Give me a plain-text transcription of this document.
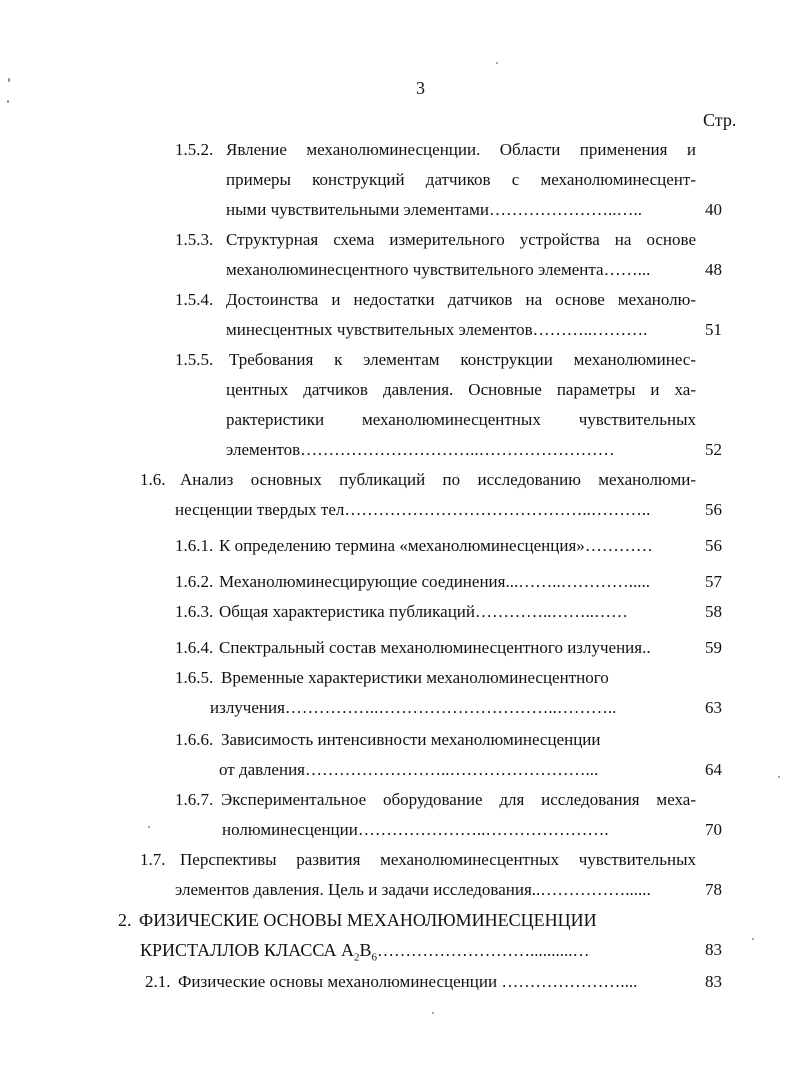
3
Стр.
1.5.2. Явление механолюминесценции. Области применения и
примеры конструкций датчиков с механолюминесцент-
ными чувствительными элементами…………………..…..	40
1.5.3. Структурная схема измерительного устройства на основе
механолюминесцентного чувствительного элемента……...	48
1.5.4. Достоинства и недостатки датчиков на основе механолю-
минесцентных чувствительных элементов………..……….	51
1.5.5. Требования к элементам конструкции механолюминес-
центных датчиков давления. Основные параметры и ха-
рактеристики механолюминесцентных чувствительных
элементов…………………………..……………………	52
1.6. Анализ основных публикаций по исследованию механолюми-
несценции твердых тел……………………………………..………..	56
1.6.1. К определению термина «механолюминесценция»…………	56
1.6.2. Механолюминесцирующие соединения...……..………….....	57
1.6.3. Общая характеристика публикаций…………..……..……	58
1.6.4. Спектральный состав механолюминесцентного излучения..	59
1.6.5. Временные характеристики механолюминесцентного
излучения……………..…………………………..………..	63
1.6.6. Зависимость интенсивности механолюминесценции
от давления……………………..……………………...	64
1.6.7. Экспериментальное оборудование для исследования меха-
нолюминесценции…………………..………………….	70
1.7. Перспективы развития механолюминесцентных чувствительных
элементов давления. Цель и задачи исследования..……………......	78
2. ФИЗИЧЕСКИЕ ОСНОВЫ МЕХАНОЛЮМИНЕСЦЕНЦИИ
КРИСТАЛЛОВ КЛАССА $А_2В_6\dots\dots\dots\dots\dots\dots\dots\dots\dots..........\dots$	83
2.1. Физические основы механолюминесценции …………………....	83
